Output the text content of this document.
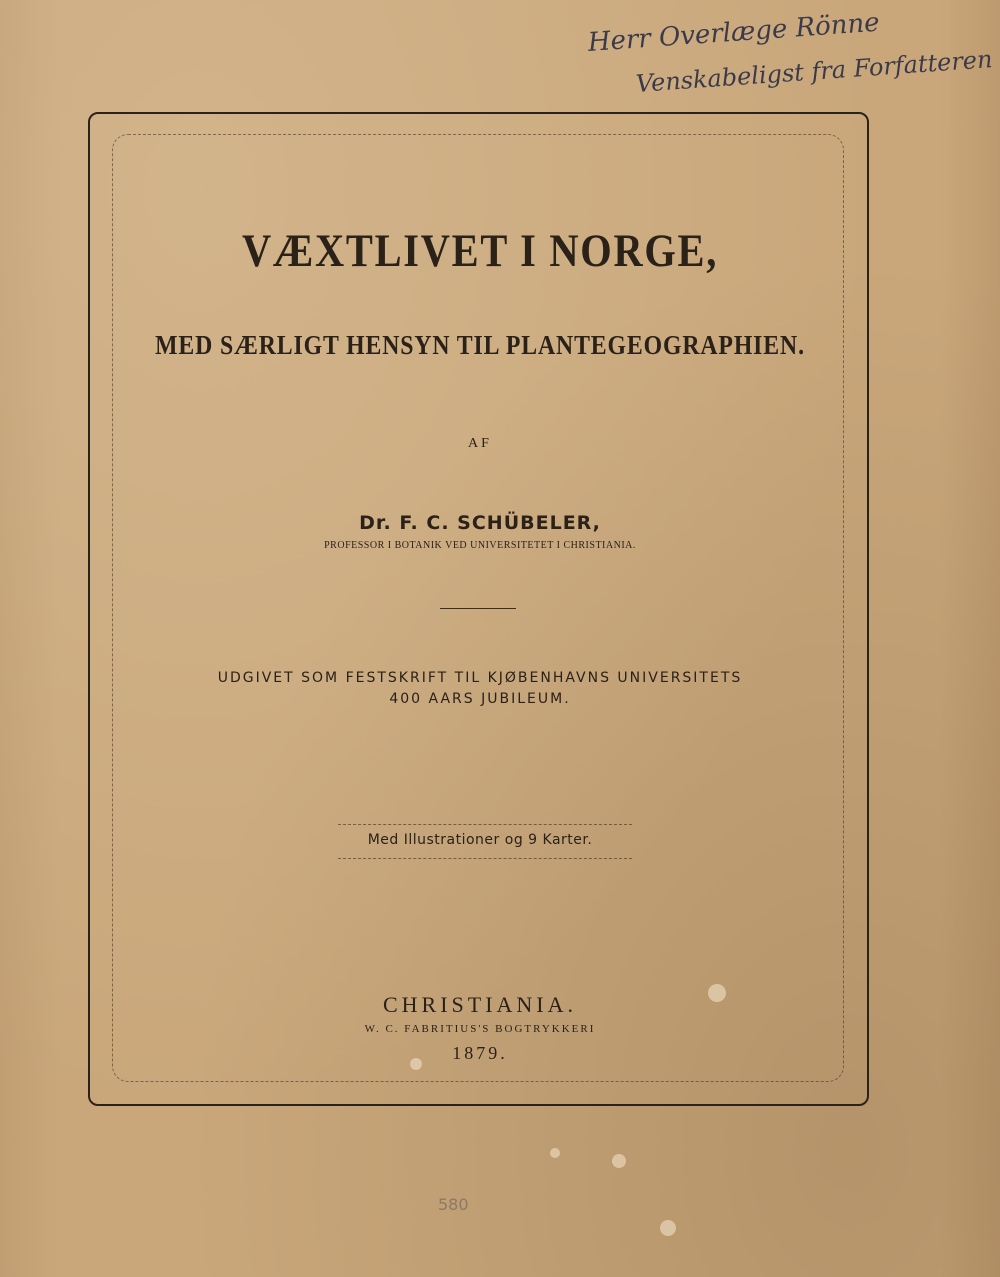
Herr Overlæge Rönne
Venskabeligst fra Forfatteren
VÆXTLIVET I NORGE,
MED SÆRLIGT HENSYN TIL PLANTEGEOGRAPHIEN.
AF
Dr. F. C. SCHÜBELER,
PROFESSOR I BOTANIK VED UNIVERSITETET I CHRISTIANIA.
UDGIVET SOM FESTSKRIFT TIL KJØBENHAVNS UNIVERSITETS
400 AARS JUBILEUM.
Med Illustrationer og 9 Karter.
CHRISTIANIA.
W. C. FABRITIUS'S BOGTRYKKERI
1879.
580
